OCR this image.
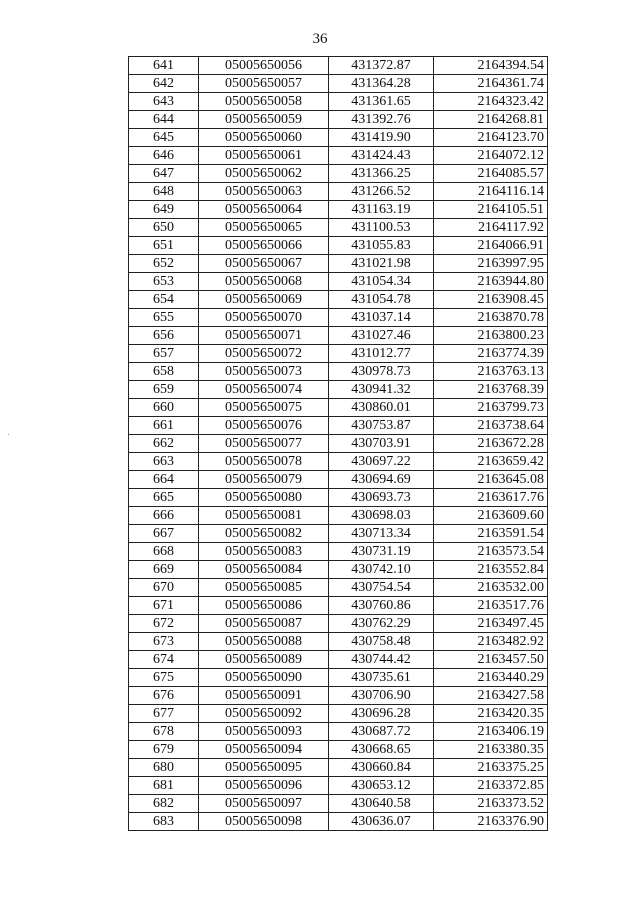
36
641	05005650056	431372.87	2164394.54
642	05005650057	431364.28	2164361.74
643	05005650058	431361.65	2164323.42
644	05005650059	431392.76	2164268.81
645	05005650060	431419.90	2164123.70
646	05005650061	431424.43	2164072.12
647	05005650062	431366.25	2164085.57
648	05005650063	431266.52	2164116.14
649	05005650064	431163.19	2164105.51
650	05005650065	431100.53	2164117.92
651	05005650066	431055.83	2164066.91
652	05005650067	431021.98	2163997.95
653	05005650068	431054.34	2163944.80
654	05005650069	431054.78	2163908.45
655	05005650070	431037.14	2163870.78
656	05005650071	431027.46	2163800.23
657	05005650072	431012.77	2163774.39
658	05005650073	430978.73	2163763.13
659	05005650074	430941.32	2163768.39
660	05005650075	430860.01	2163799.73
661	05005650076	430753.87	2163738.64
662	05005650077	430703.91	2163672.28
663	05005650078	430697.22	2163659.42
664	05005650079	430694.69	2163645.08
665	05005650080	430693.73	2163617.76
666	05005650081	430698.03	2163609.60
667	05005650082	430713.34	2163591.54
668	05005650083	430731.19	2163573.54
669	05005650084	430742.10	2163552.84
670	05005650085	430754.54	2163532.00
671	05005650086	430760.86	2163517.76
672	05005650087	430762.29	2163497.45
673	05005650088	430758.48	2163482.92
674	05005650089	430744.42	2163457.50
675	05005650090	430735.61	2163440.29
676	05005650091	430706.90	2163427.58
677	05005650092	430696.28	2163420.35
678	05005650093	430687.72	2163406.19
679	05005650094	430668.65	2163380.35
680	05005650095	430660.84	2163375.25
681	05005650096	430653.12	2163372.85
682	05005650097	430640.58	2163373.52
683	05005650098	430636.07	2163376.90
